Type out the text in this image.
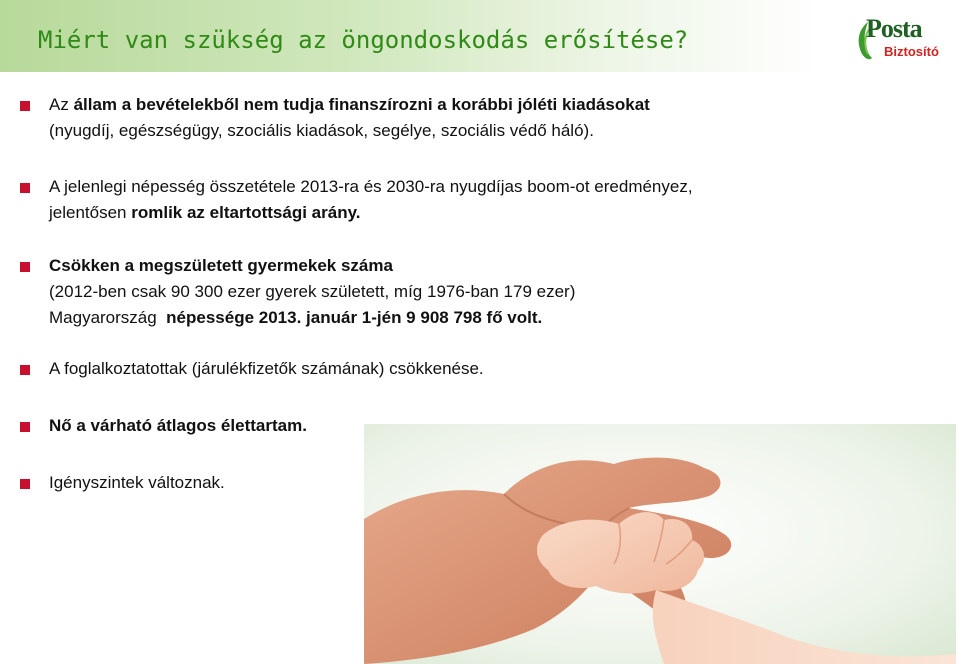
Miért van szükség az öngondoskodás erősítése?	Posta
Biztosító
Az állam a bevételekből nem tudja finanszírozni a korábbi jóléti kiadásokat
(nyugdíj, egészségügy, szociális kiadások, segélye, szociális védő háló).
A jelenlegi népesség összetétele 2013-ra és 2030-ra nyugdíjas boom-ot eredményez,
jelentősen romlik az eltartottsági arány.
Csökken a megszületett gyermekek száma
(2012-ben csak 90 300 ezer gyerek született, míg 1976-ban 179 ezer)
Magyarország  népessége 2013. január 1-jén 9 908 798 fő volt.
A foglalkoztatottak (járulékfizetők számának) csökkenése.
Nő a várható átlagos élettartam.
Igényszintek változnak.
